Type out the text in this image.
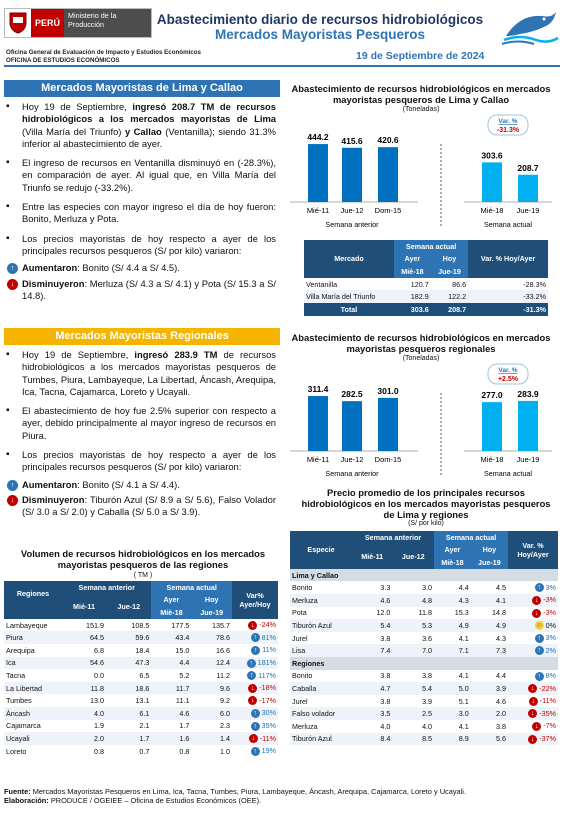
PERÚ
Ministerio de la Producción	Abastecimiento diario de recursos hidrobiológicos
Mercados Mayoristas Pesqueros
Oficina General de Evaluación de Impacto y Estudios Económicos
OFICINA DE ESTUDIOS ECONÓMICOS	19 de Septiembre de 2024
Mercados Mayoristas de Lima y Callao
▪ Hoy 19 de Septiembre, ingresó 208.7 TM de recursos hidrobiológicos a los mercados mayoristas de Lima (Villa María del Triunfo) y Callao (Ventanilla); siendo 31.3% inferior al abastecimiento de ayer.
▪ El ingreso de recursos en Ventanilla disminuyó en (-28.3%), en comparación de ayer. Al igual que, en Villa María del Triunfo se redujo (-33.2%).
▪ Entre las especies con mayor ingreso el día de hoy fueron: Bonito, Merluza y Pota.
▪ Los precios mayoristas de hoy respecto a ayer de los principales recursos pesqueros (S/ por kilo) variaron:
↑ Aumentaron: Bonito (S/ 4.4 a S/ 4.5).
↓ Disminuyeron: Merluza (S/ 4.3 a S/ 4.1) y Pota (S/ 15.3 a S/ 14.8).
Mercados Mayoristas Regionales
▪ Hoy 19 de Septiembre, ingresó 283.9 TM de recursos hidrobiológicos a los mercados mayoristas pesqueros de Tumbes, Piura, Lambayeque, La Libertad, Áncash, Arequipa, Ica, Tacna, Cajamarca, Loreto y Ucayali.
▪ El abastecimiento de hoy fue 2.5% superior con respecto a ayer, debido principalmente al mayor ingreso de recursos en Piura.
▪ Los precios mayoristas de hoy respecto a ayer de los principales recursos pesqueros (S/ por kilo) variaron:
↑ Aumentaron: Bonito (S/ 4.1 a S/ 4.4).
↓ Disminuyeron: Tiburón Azul (S/ 8.9 a S/ 5.6), Falso Volador (S/ 3.0 a S/ 2.0) y Caballa (S/ 5.0 a S/ 3.9).
Volumen de recursos hidrobiológicos en los mercados mayoristas pesqueros de las regiones
( TM )
Regiones	Semana anterior		Semana actual		Var% Ayer/Hoy
	Mié-11	Jue-12	Ayer	Hoy	
			Miè-18	Jue-19	
Lambayeque	151.9	108.5	177.5	135.7	↓ -24%
Piura	64.5	59.6	43.4	78.6	↑ 81%
Arequipa	6.8	18.4	15.0	16.6	↑ 11%
Ica	54.6	47.3	4.4	12.4	↑ 181%
Tacna	0.0	6.5	5.2	11.2	↑ 117%
La Libertad	11.8	18.6	11.7	9.6	↓ -18%
Tumbes	13.0	13.1	11.1	9.2	↓ -17%
Áncash	4.0	6.1	4.6	6.0	↑ 30%
Cajamarca	1.9	2.1	1.7	2.3	↑ 35%
Ucayali	2.0	1.7	1.6	1.4	↓ -11%
Loreto	0.8	0.7	0.8	1.0	↑ 19%
Abastecimiento de recursos hidrobiológicos en mercados mayoristas pesqueros de Lima y Callao
(Toneladas)
444.2
Mié-11
415.6
Jue-12
420.6
Dom-15
303.6
Mié-18
208.7
Jue-19
Semana anterior	Semana actual
Var. %
-31.3%
Mercado	Semana actual		Var. % Hoy/Ayer
	Ayer	Hoy	
	Miè-18	Jue-19	
Ventanilla	120.7	86.6	-28.3%
Villa María del Triunfo	182.9	122.2	-33.2%
Total	303.6	208.7	-31.3%
Abastecimiento de recursos hidrobiológicos en mercados mayoristas pesqueros regionales
(Toneladas)
311.4
Mié-11
282.5
Jue-12
301.0
Dom-15
277.0
Mié-18
283.9
Jue-19
Semana anterior	Semana actual
Var. %
+2.5%
Precio promedio de los principales recursos hidrobiológicos en los mercados mayoristas pesqueros de Lima y regiones
(S/ por kilo)
Especie	Semana anterior		Semana actual		Var. % Hoy/Ayer
	Mié-11	Jue-12	Ayer	Hoy	
			Miè-18	Jue-19	
Lima y Callao					
Bonito	3.3	3.0	4.4	4.5	↑ 3%
Merluza	4.6	4.8	4.3	4.1	↓ -3%
Pota	12.0	11.8	15.3	14.8	↓ -3%
Tiburón Azul	5.4	5.3	4.9	4.9	☺ 0%
Jurel	3.8	3.6	4.1	4.3	↑ 3%
Lisa	7.4	7.0	7.1	7.3	↑ 2%
Regiones					
Bonito	3.8	3.8	4.1	4.4	↑ 8%
Caballa	4.7	5.4	5.0	3.9	↓ -22%
Jurel	3.8	3.9	5.1	4.6	↓ -11%
Falso volador	3.5	2.5	3.0	2.0	↓ -35%
Merluza	4.0	4.0	4.1	3.8	↓ -7%
Tiburón Azul	8.4	8.5	8.9	5.6	↓ -37%
Fuente: Mercados Mayoristas Pesqueros en Lima, Ica, Tacna, Tumbes, Piura, Lambayeque, Áncash, Arequipa, Cajamarca, Loreto y Ucayali.
Elaboración: PRODUCE / OGEIEE – Oficina de Estudios Económicos (OEE).
